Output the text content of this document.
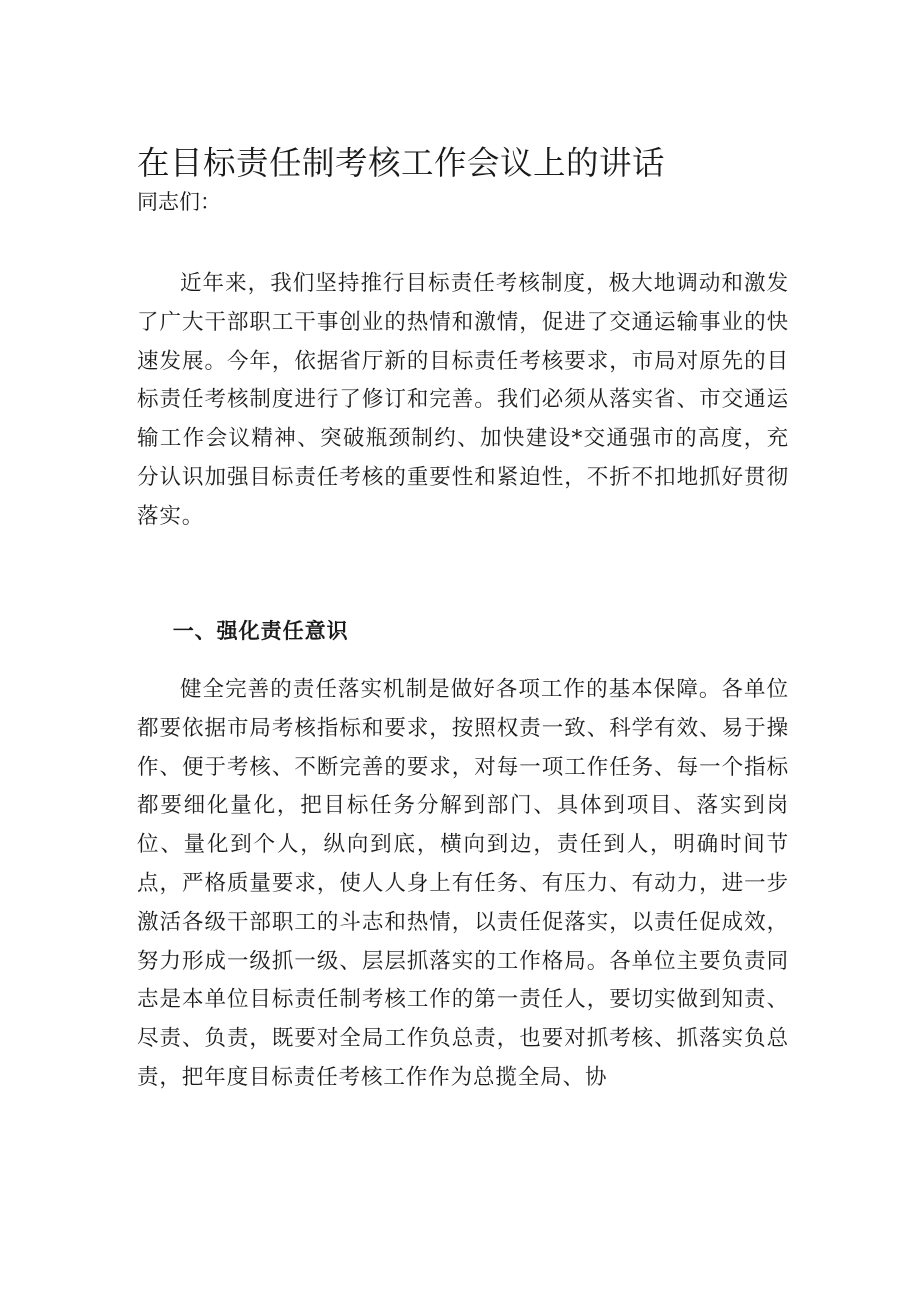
在目标责任制考核工作会议上的讲话

同志们：

近年来，我们坚持推行目标责任考核制度，极大地调动和激发了广大干部职工干事创业的热情和激情，促进了交通运输事业的快速发展。今年，依据省厅新的目标责任考核要求，市局对原先的目标责任考核制度进行了修订和完善。我们必须从落实省、市交通运输工作会议精神、突破瓶颈制约、加快建设*交通强市的高度，充分认识加强目标责任考核的重要性和紧迫性，不折不扣地抓好贯彻落实。

一、强化责任意识

健全完善的责任落实机制是做好各项工作的基本保障。各单位都要依据市局考核指标和要求，按照权责一致、科学有效、易于操作、便于考核、不断完善的要求，对每一项工作任务、每一个指标都要细化量化，把目标任务分解到部门、具体到项目、落实到岗位、量化到个人，纵向到底，横向到边，责任到人，明确时间节点，严格质量要求，使人人身上有任务、有压力、有动力，进一步激活各级干部职工的斗志和热情，以责任促落实，以责任促成效，努力形成一级抓一级、层层抓落实的工作格局。各单位主要负责同志是本单位目标责任制考核工作的第一责任人，要切实做到知责、尽责、负责，既要对全局工作负总责，也要对抓考核、抓落实负总责，把年度目标责任考核工作作为总揽全局、协
